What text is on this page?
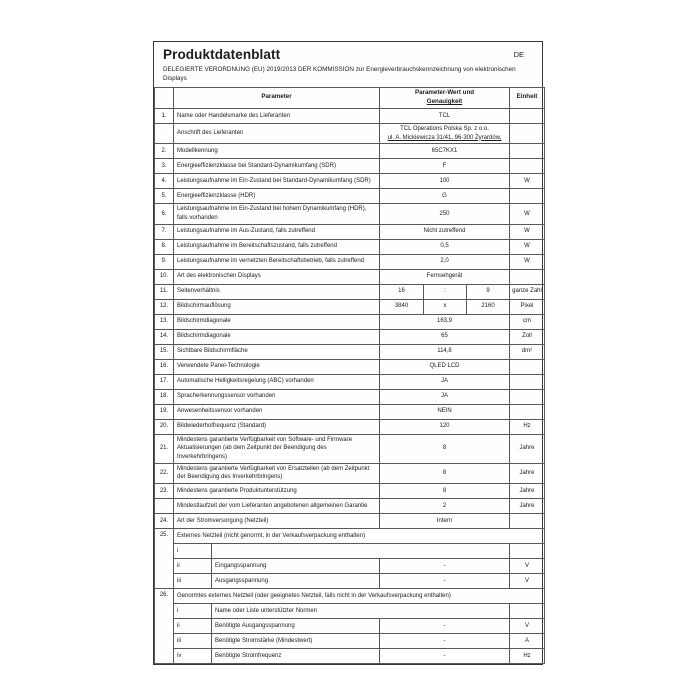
Produktdatenblatt	DE
DELEGIERTE VERORDNUNG (EU) 2019/2013 DER KOMMISSION zur Energieverbrauchskennzeichnung von elektronischen Displays
	Parameter		Parameter-Wert und
Genauigkeit			Einheit
1.	Name oder Handelsmarke des Lieferanten		TCL			
	Anschrift des Lieferanten		TCL Operations Polska Sp. z o.o.
ul. A. Mickiewicza 31/41, 96-300 Żyrardów,			

2.	Modellkennung		65C7KX1			
3.	Energieeffizienzklasse bei Standard-Dynamikumfang (SDR)		F			
4.	Leistungsaufnahme im Ein-Zustand bei Standard-Dynamikumfang (SDR)		100			W
5.	Energieeffizienzklasse (HDR)		G			
6.	Leistungsaufnahme im Ein-Zustand bei hohem Dynamikumfang (HDR), falls vorhanden		250			W
7.	Leistungsaufnahme im Aus-Zustand, falls zutreffend		Nicht zutreffend			W
8.	Leistungsaufnahme im Bereitschaftszustand, falls zutreffend		0,5			W
9.	Leistungsaufnahme im vernetzten Bereitschaftsbetrieb, falls zutreffend		2,0			W
10.	Art des elektronischen Displays		Fernsehgerät			
11.	Seitenverhältnis		16	:	9	ganze Zahl
12.	Bildschirmauflösung		3840	x	2160	Pixel
13.	Bildschirmdiagonale		163,9			cm
14.	Bildschirmdiagonale		65			Zoll
15.	Sichtbare Bildschirmfläche		114,8			dm²
16.	Verwendete Panel-Technologie		QLED LCD			
17.	Automatische Helligkeitsregelung (ABC) vorhanden		JA			
18.	Spracherkennungssensor vorhanden		JA			
19.	Anwesenheitssensor vorhanden		NEIN			
20.	Bildwiederholfrequenz (Standard)		120			Hz
21.	Mindestens garantierte Verfügbarkeit von Software- und Firmware Aktualisierungen (ab dem Zeitpunkt der Beendigung des Inverkehrbringens)		8			Jahre
22.	Mindestens garantierte Verfügbarkeit von Ersatzteilen (ab dem Zeitpunkt der Beendigung des Inverkehrbringens)		8			Jahre
23.	Mindestens garantierte Produktunterstützung		8			Jahre
	Mindestlaufzeit der vom Lieferanten angebotenen allgemeinen Garantie		2			Jahre
24.	Art der Stromversorgung (Netzteil)		Intern			
25.	Externes Netzteil (nicht genormt, in der Verkaufsverpackung enthalten)					
	i					
	ii	Eingangsspannung	-			V
	iii	Ausgangsspannung	-			V
26.	Genormtes externes Netzteil (oder geeignetes Netzteil, falls nicht in der Verkaufsverpackung enthalten)					
	i	Name oder Liste unterstützter Normen				
	ii	Benötigte Ausgangsspannung	-			V
	iii	Benötigte Stromstärke (Mindestwert)	-			A
	iv	Benötigte Stromfrequenz	-			Hz
